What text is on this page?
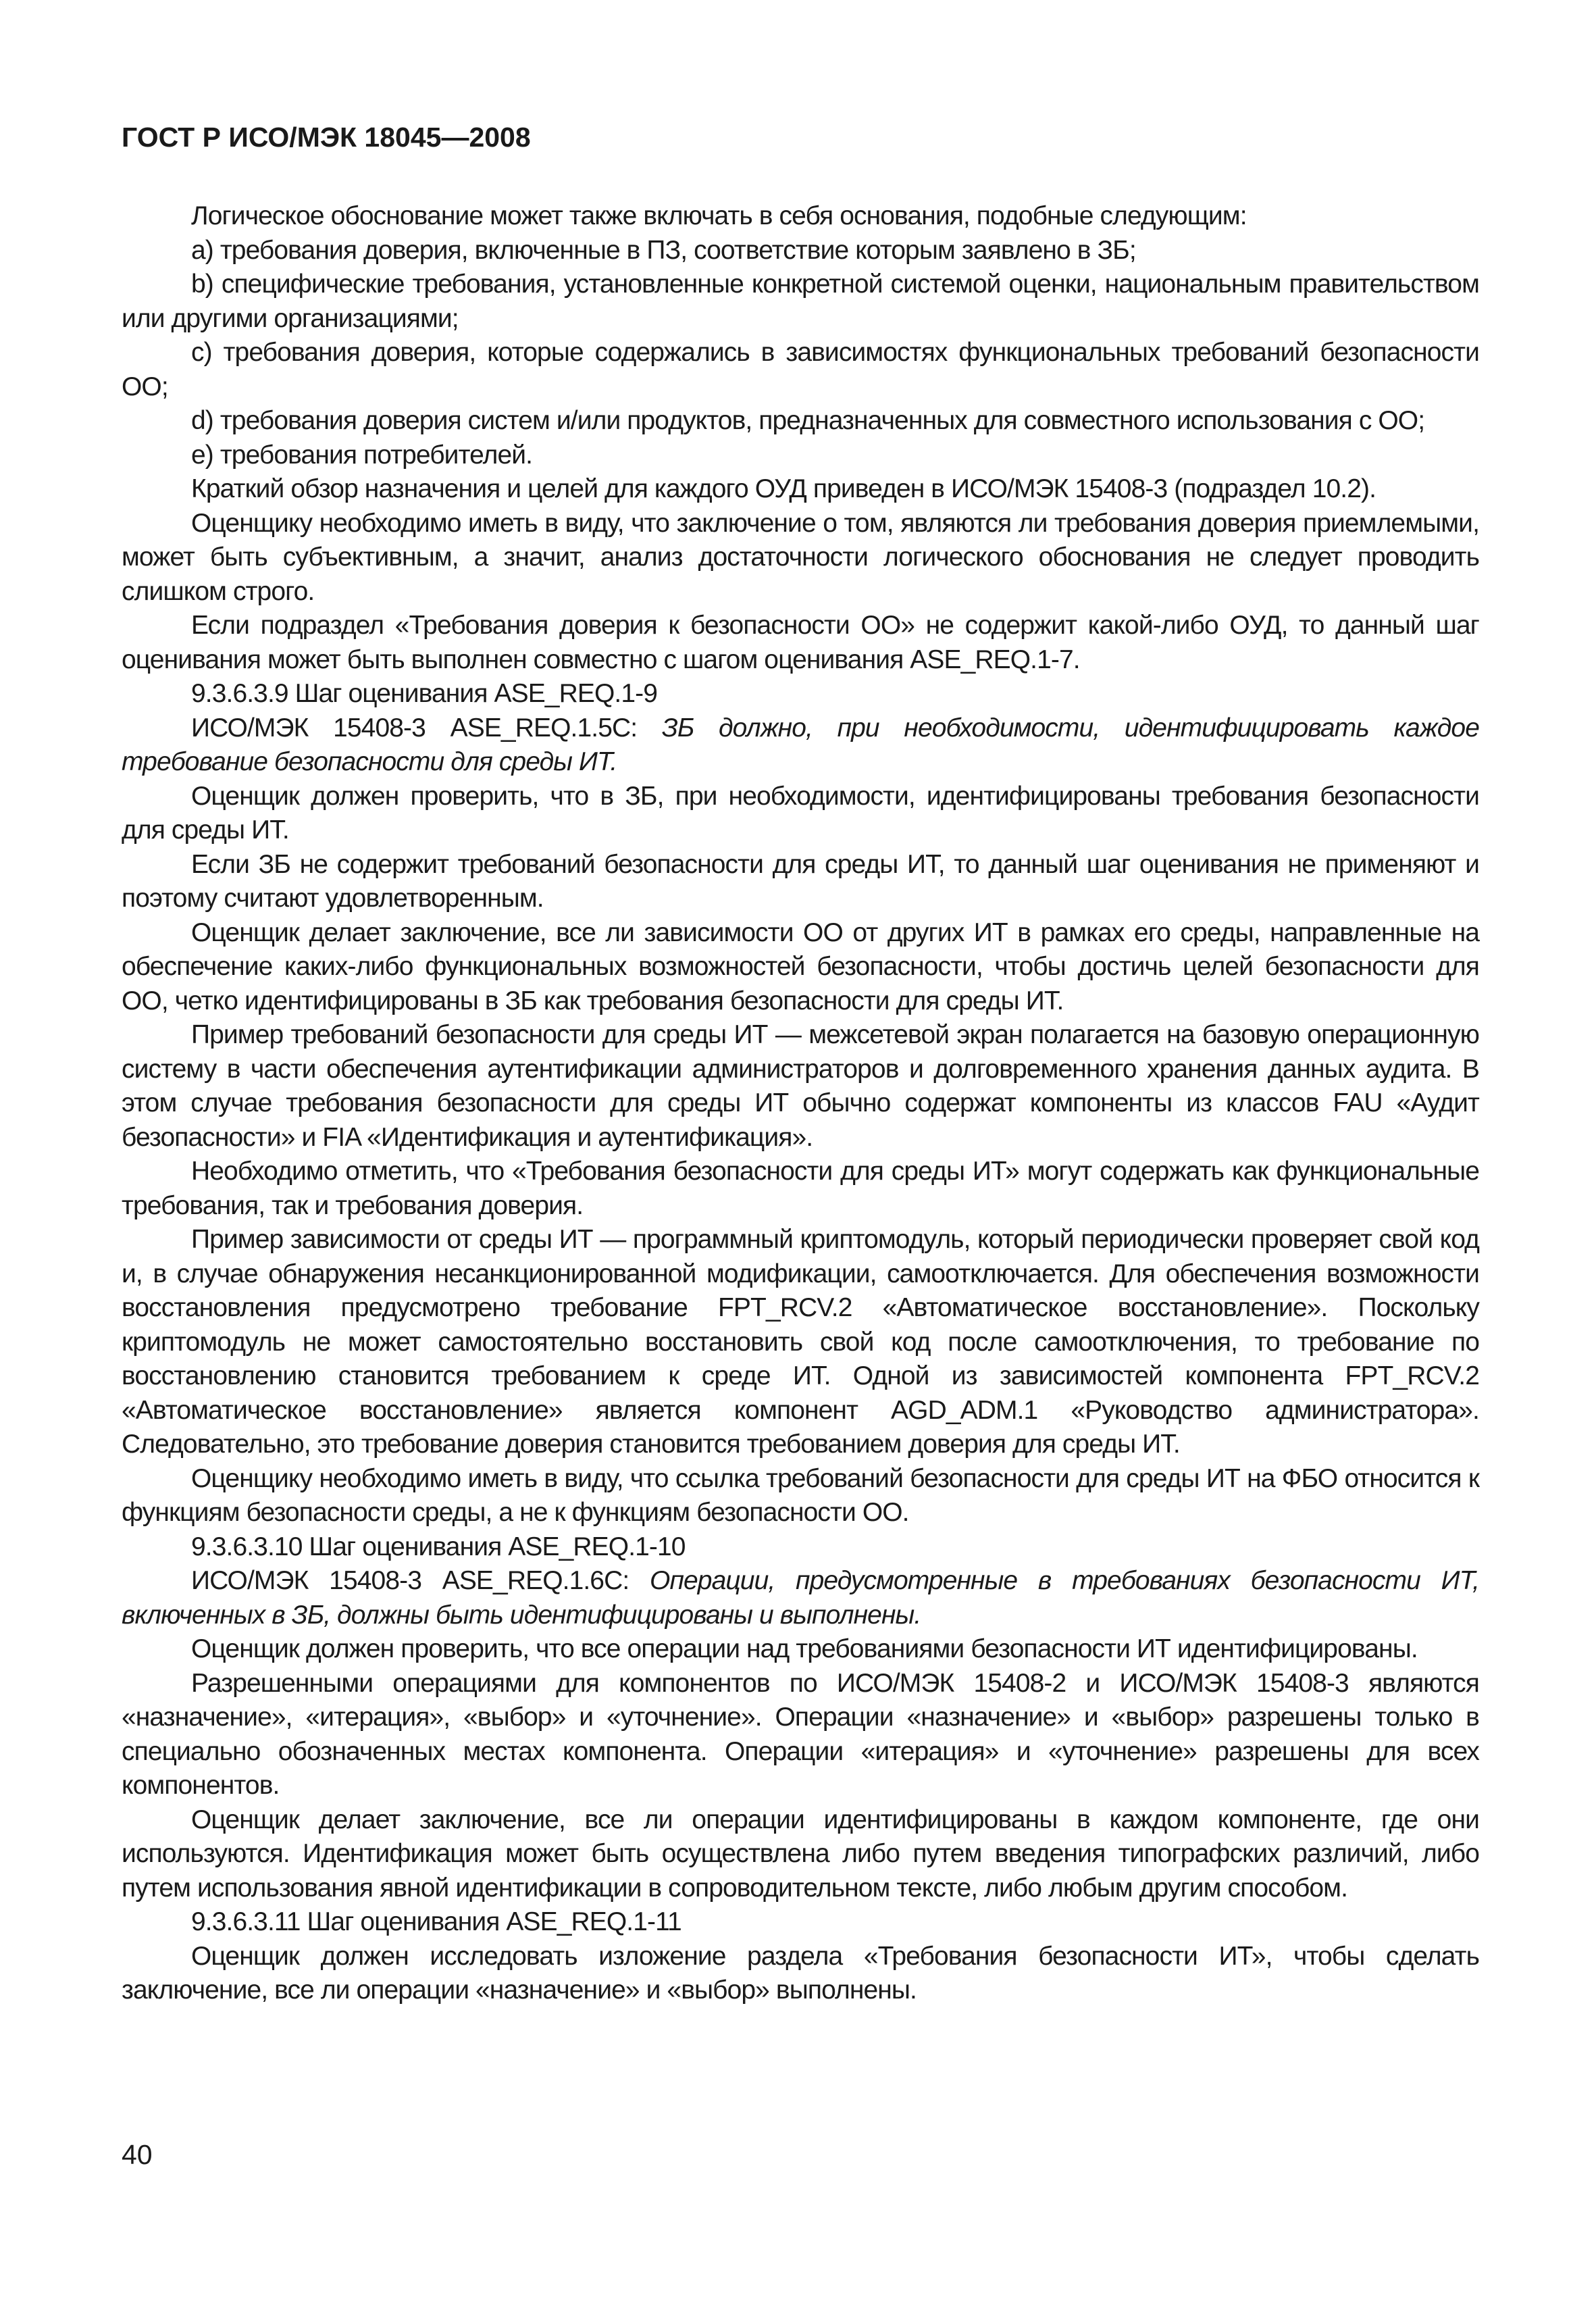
ГОСТ Р ИСО/МЭК 18045—2008

Логическое обоснование может также включать в себя основания, подобные следующим:

a) требования доверия, включенные в ПЗ, соответствие которым заявлено в ЗБ;

b) специфические требования, установленные конкретной системой оценки, национальным правительством или другими организациями;

c) требования доверия, которые содержались в зависимостях функциональных требований безопасности ОО;

d) требования доверия систем и/или продуктов, предназначенных для совместного использования с ОО;

e) требования потребителей.

Краткий обзор назначения и целей для каждого ОУД приведен в ИСО/МЭК 15408-3 (подраздел 10.2).

Оценщику необходимо иметь в виду, что заключение о том, являются ли требования доверия приемлемыми, может быть субъективным, а значит, анализ достаточности логического обоснования не следует проводить слишком строго.

Если подраздел «Требования доверия к безопасности ОО» не содержит какой-либо ОУД, то данный шаг оценивания может быть выполнен совместно с шагом оценивания ASE_REQ.1-7.

9.3.6.3.9 Шаг оценивания ASE_REQ.1-9

ИСО/МЭК 15408-3 ASE_REQ.1.5C: ЗБ должно, при необходимости, идентифицировать каждое требование безопасности для среды ИТ.

Оценщик должен проверить, что в ЗБ, при необходимости, идентифицированы требования безопасности для среды ИТ.

Если ЗБ не содержит требований безопасности для среды ИТ, то данный шаг оценивания не применяют и поэтому считают удовлетворенным.

Оценщик делает заключение, все ли зависимости ОО от других ИТ в рамках его среды, направленные на обеспечение каких-либо функциональных возможностей безопасности, чтобы достичь целей безопасности для ОО, четко идентифицированы в ЗБ как требования безопасности для среды ИТ.

Пример требований безопасности для среды ИТ — межсетевой экран полагается на базовую операционную систему в части обеспечения аутентификации администраторов и долговременного хранения данных аудита. В этом случае требования безопасности для среды ИТ обычно содержат компоненты из классов FAU «Аудит безопасности» и FIA «Идентификация и аутентификация».

Необходимо отметить, что «Требования безопасности для среды ИТ» могут содержать как функциональные требования, так и требования доверия.

Пример зависимости от среды ИТ — программный криптомодуль, который периодически проверяет свой код и, в случае обнаружения несанкционированной модификации, самоотключается. Для обеспечения возможности восстановления предусмотрено требование FPT_RCV.2 «Автоматическое восстановление». Поскольку криптомодуль не может самостоятельно восстановить свой код после самоотключения, то требование по восстановлению становится требованием к среде ИТ. Одной из зависимостей компонента FPT_RCV.2 «Автоматическое восстановление» является компонент AGD_ADM.1 «Руководство администратора». Следовательно, это требование доверия становится требованием доверия для среды ИТ.

Оценщику необходимо иметь в виду, что ссылка требований безопасности для среды ИТ на ФБО относится к функциям безопасности среды, а не к функциям безопасности ОО.

9.3.6.3.10 Шаг оценивания ASE_REQ.1-10

ИСО/МЭК 15408-3 ASE_REQ.1.6C: Операции, предусмотренные в требованиях безопасности ИТ, включенных в ЗБ, должны быть идентифицированы и выполнены.

Оценщик должен проверить, что все операции над требованиями безопасности ИТ идентифицированы.

Разрешенными операциями для компонентов по ИСО/МЭК 15408-2 и ИСО/МЭК 15408-3 являются «назначение», «итерация», «выбор» и «уточнение». Операции «назначение» и «выбор» разрешены только в специально обозначенных местах компонента. Операции «итерация» и «уточнение» разрешены для всех компонентов.

Оценщик делает заключение, все ли операции идентифицированы в каждом компоненте, где они используются. Идентификация может быть осуществлена либо путем введения типографских различий, либо путем использования явной идентификации в сопроводительном тексте, либо любым другим способом.

9.3.6.3.11 Шаг оценивания ASE_REQ.1-11

Оценщик должен исследовать изложение раздела «Требования безопасности ИТ», чтобы сделать заключение, все ли операции «назначение» и «выбор» выполнены.

40
